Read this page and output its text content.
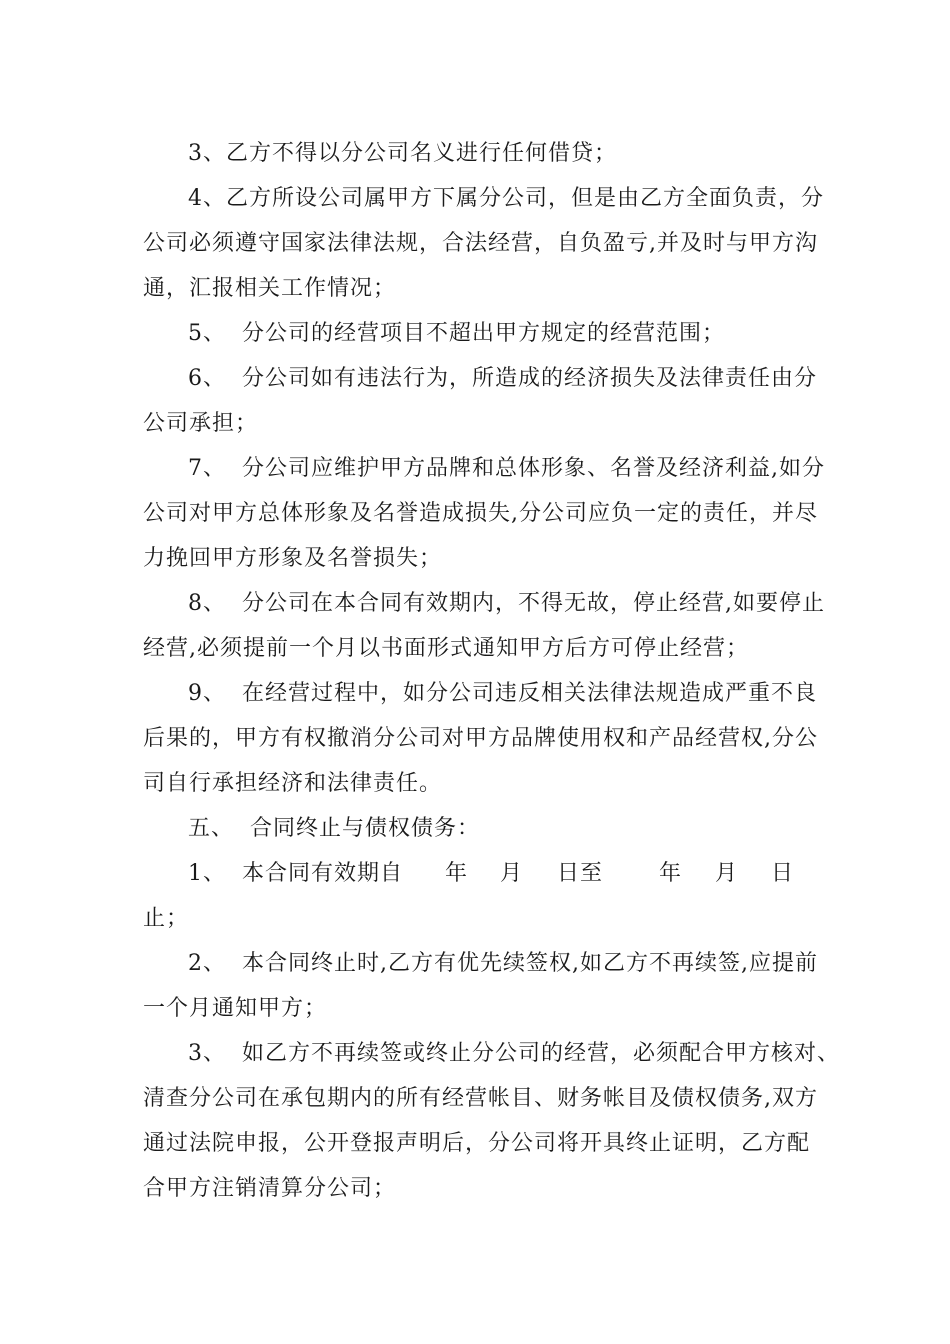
3、乙方不得以分公司名义进行任何借贷；
4、乙方所设公司属甲方下属分公司，但是由乙方全面负责，分
公司必须遵守国家法律法规，合法经营，自负盈亏,并及时与甲方沟
通，汇报相关工作情况；
5、  分公司的经营项目不超出甲方规定的经营范围；
6、  分公司如有违法行为，所造成的经济损失及法律责任由分
公司承担；
7、  分公司应维护甲方品牌和总体形象、名誉及经济利益,如分
公司对甲方总体形象及名誉造成损失,分公司应负一定的责任，并尽
力挽回甲方形象及名誉损失；
8、  分公司在本合同有效期内，不得无故，停止经营,如要停止
经营,必须提前一个月以书面形式通知甲方后方可停止经营；
9、  在经营过程中，如分公司违反相关法律法规造成严重不良
后果的，甲方有权撤消分公司对甲方品牌使用权和产品经营权,分公
司自行承担经济和法律责任。
五、  合同终止与债权债务：
1、  本合同有效期自 年 月 日至	年 月 日
止；
2、  本合同终止时,乙方有优先续签权,如乙方不再续签,应提前
一个月通知甲方；
3、  如乙方不再续签或终止分公司的经营，必须配合甲方核对、
清查分公司在承包期内的所有经营帐目、财务帐目及债权债务,双方
通过法院申报，公开登报声明后，分公司将开具终止证明，乙方配
合甲方注销清算分公司；
